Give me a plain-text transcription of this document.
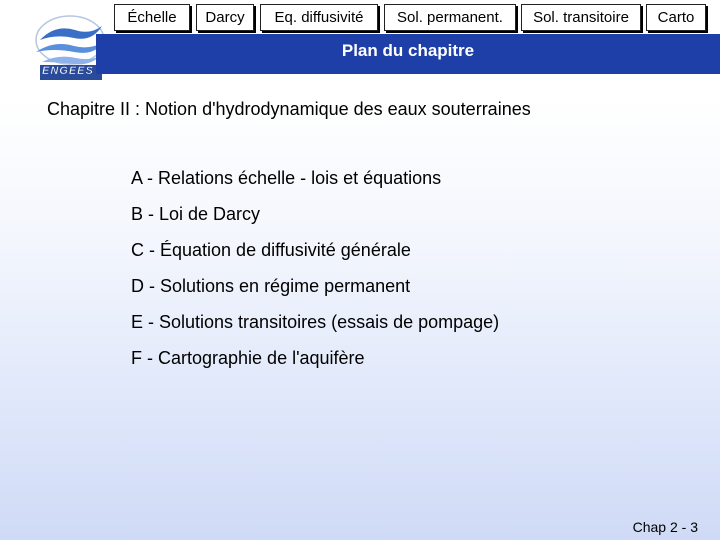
ENGEES
Échelle	Darcy	Eq. diffusivité	Sol. permanent.	Sol. transitoire	Carto
Plan du chapitre
Chapitre II : Notion d'hydrodynamique des eaux souterraines
A - Relations échelle - lois et équations
B - Loi de Darcy
C - Équation de diffusivité générale
D - Solutions en régime permanent
E - Solutions transitoires (essais de pompage)
F - Cartographie de l'aquifère
Chap 2 - 3
